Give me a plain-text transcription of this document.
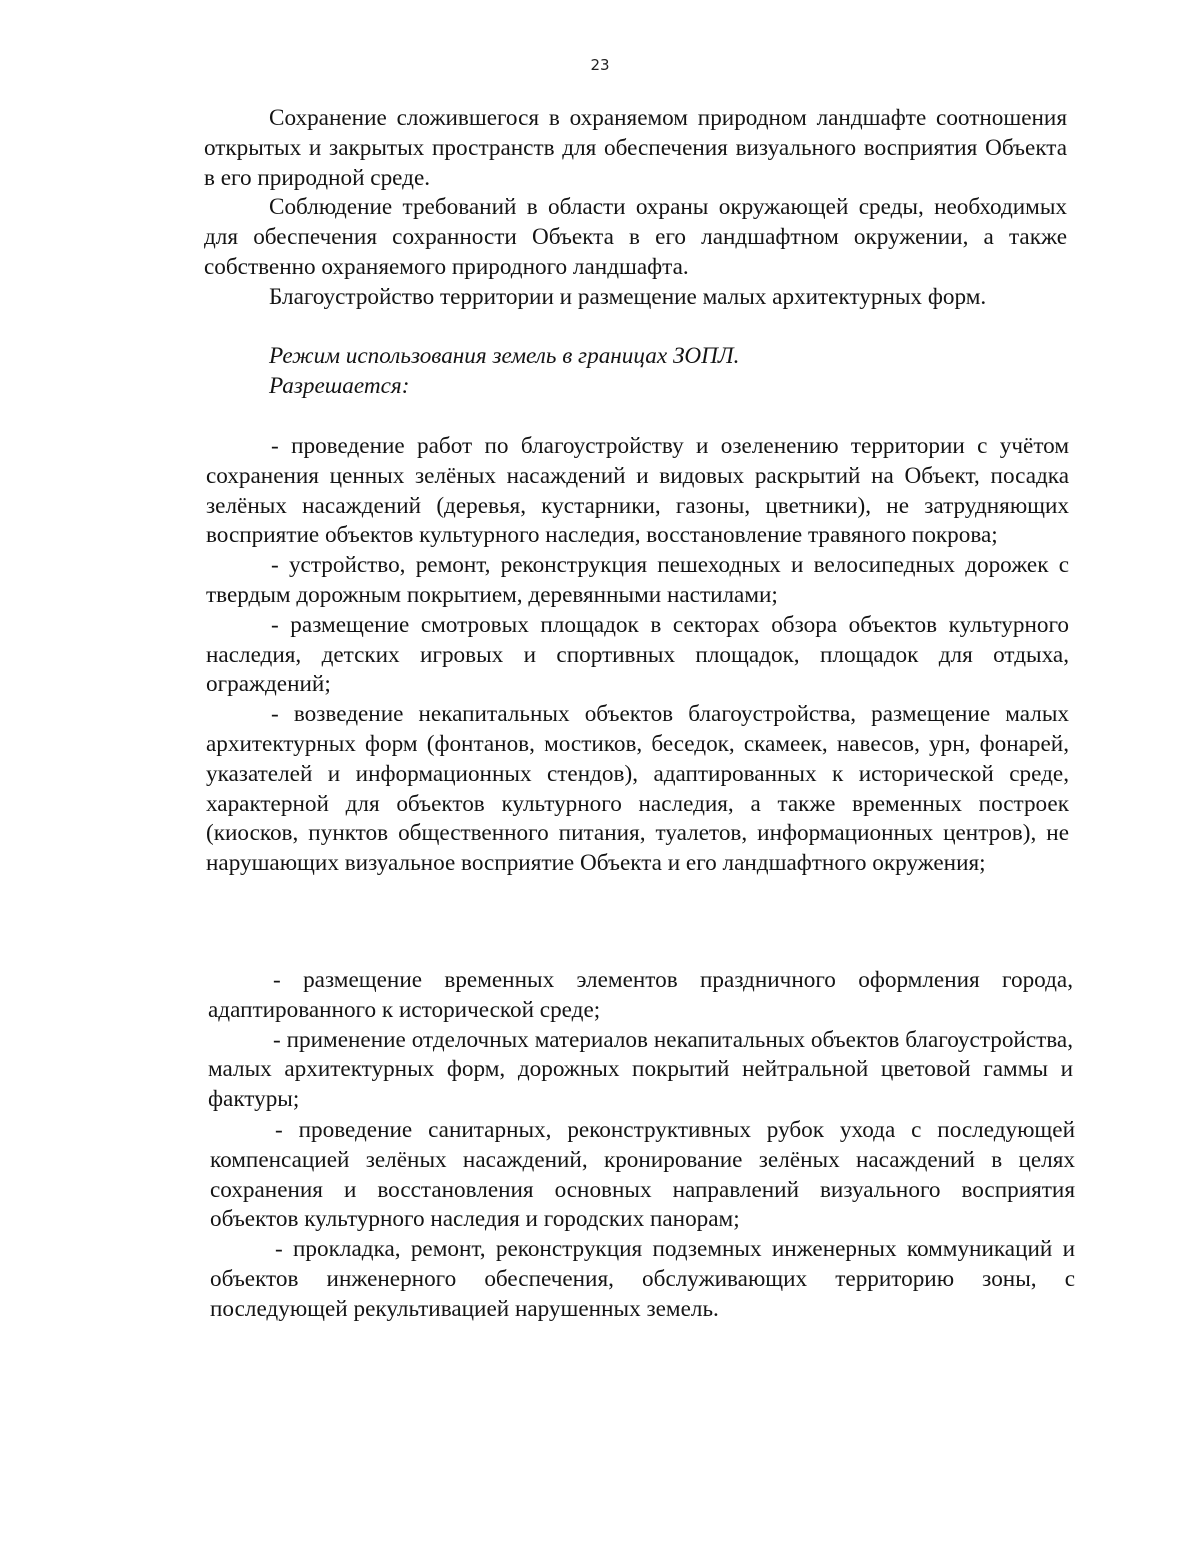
23

Сохранение сложившегося в охраняемом природном ландшафте соотношения открытых и закрытых пространств для обеспечения визуального восприятия Объекта в его природной среде.

Соблюдение требований в области охраны окружающей среды, необходимых для обеспечения сохранности Объекта в его ландшафтном окружении, а также собственно охраняемого природного ландшафта.

Благоустройство территории и размещение малых архитектурных форм.

Режим использования земель в границах ЗОПЛ.

Разрешается:

- проведение работ по благоустройству и озеленению территории с учётом сохранения ценных зелёных насаждений и видовых раскрытий на Объект, посадка зелёных насаждений (деревья, кустарники, газоны, цветники), не затрудняющих восприятие объектов культурного наследия, восстановление травяного покрова;

- устройство, ремонт, реконструкция пешеходных и велосипедных дорожек с твердым дорожным покрытием, деревянными настилами;

- размещение смотровых площадок в секторах обзора объектов культурного наследия, детских игровых и спортивных площадок, площадок для отдыха, ограждений;

- возведение некапитальных объектов благоустройства, размещение малых архитектурных форм (фонтанов, мостиков, беседок, скамеек, навесов, урн, фонарей, указателей и информационных стендов), адаптированных к исторической среде, характерной для объектов культурного наследия, а также временных построек (киосков, пунктов общественного питания, туалетов, информационных центров), не нарушающих визуальное восприятие Объекта и его ландшафтного окружения;

- размещение временных элементов праздничного оформления города, адаптированного к исторической среде;

- применение отделочных материалов некапитальных объектов благоустройства, малых архитектурных форм, дорожных покрытий нейтральной цветовой гаммы и фактуры;

- проведение санитарных, реконструктивных рубок ухода с последующей компенсацией зелёных насаждений, кронирование зелёных насаждений в целях сохранения и восстановления основных направлений визуального восприятия объектов культурного наследия и городских панорам;

- прокладка, ремонт, реконструкция подземных инженерных коммуникаций и объектов инженерного обеспечения, обслуживающих территорию зоны, с последующей рекультивацией нарушенных земель.
